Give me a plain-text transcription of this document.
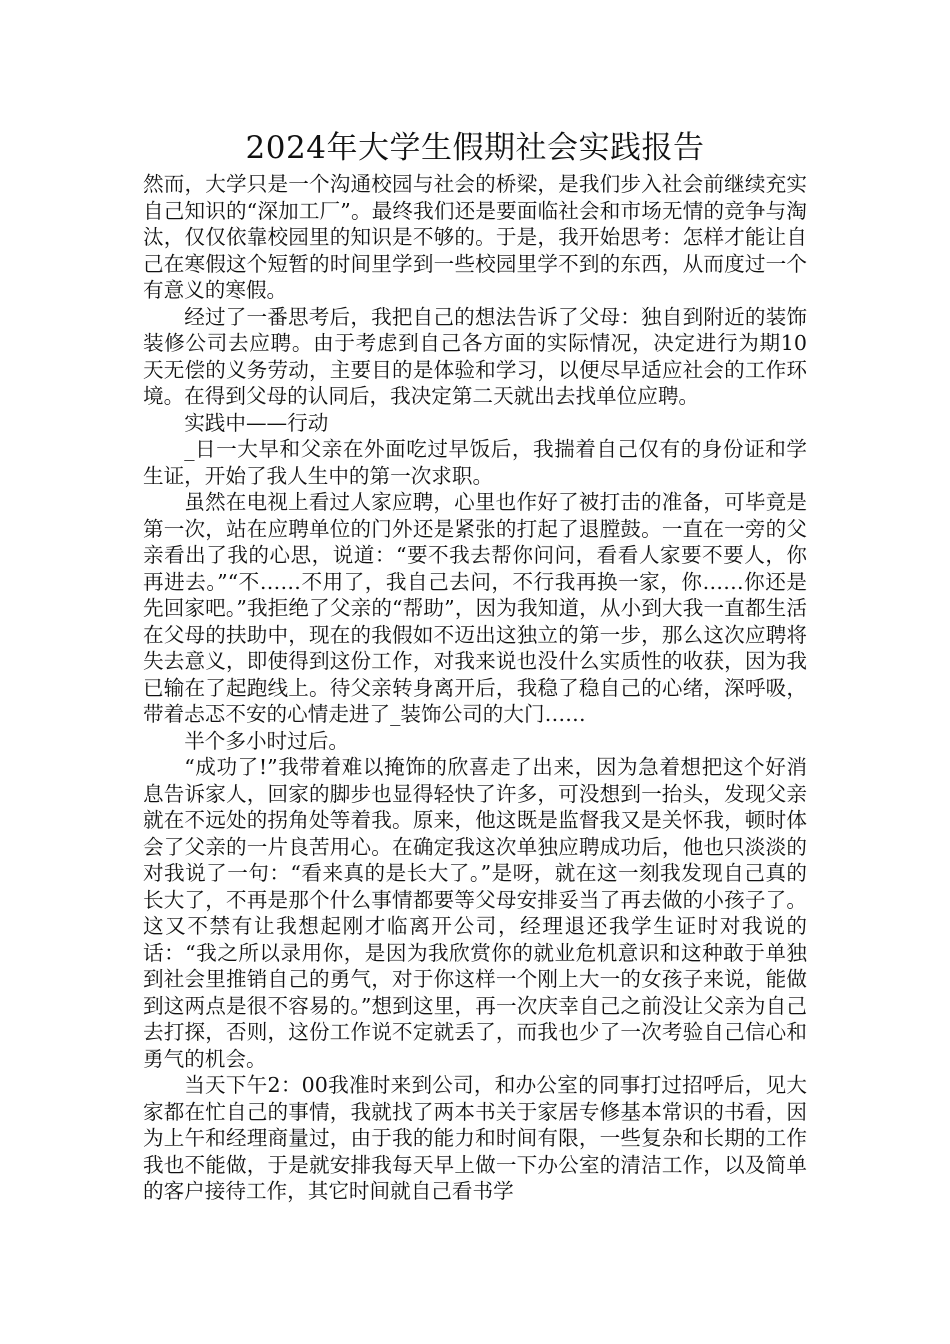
2024年大学生假期社会实践报告

然而，大学只是一个沟通校园与社会的桥梁，是我们步入社会前继续充实自己知识的“深加工厂”。最终我们还是要面临社会和市场无情的竞争与淘汰，仅仅依靠校园里的知识是不够的。于是，我开始思考：怎样才能让自己在寒假这个短暂的时间里学到一些校园里学不到的东西，从而度过一个有意义的寒假。

经过了一番思考后，我把自己的想法告诉了父母：独自到附近的装饰装修公司去应聘。由于考虑到自己各方面的实际情况，决定进行为期10天无偿的义务劳动，主要目的是体验和学习，以便尽早适应社会的工作环境。在得到父母的认同后，我决定第二天就出去找单位应聘。

实践中——行动

_日一大早和父亲在外面吃过早饭后，我揣着自己仅有的身份证和学生证，开始了我人生中的第一次求职。

虽然在电视上看过人家应聘，心里也作好了被打击的准备，可毕竟是第一次，站在应聘单位的门外还是紧张的打起了退膛鼓。一直在一旁的父亲看出了我的心思，说道：“要不我去帮你问问，看看人家要不要人，你再进去。”“不……不用了，我自己去问，不行我再换一家，你……你还是先回家吧。”我拒绝了父亲的“帮助”，因为我知道，从小到大我一直都生活在父母的扶助中，现在的我假如不迈出这独立的第一步，那么这次应聘将失去意义，即使得到这份工作，对我来说也没什么实质性的收获，因为我已输在了起跑线上。待父亲转身离开后，我稳了稳自己的心绪，深呼吸，带着忐忑不安的心情走进了_装饰公司的大门……

半个多小时过后。

“成功了!”我带着难以掩饰的欣喜走了出来，因为急着想把这个好消息告诉家人，回家的脚步也显得轻快了许多，可没想到一抬头，发现父亲就在不远处的拐角处等着我。原来，他这既是监督我又是关怀我，顿时体会了父亲的一片良苦用心。在确定我这次单独应聘成功后，他也只淡淡的对我说了一句：“看来真的是长大了。”是呀，就在这一刻我发现自己真的长大了，不再是那个什么事情都要等父母安排妥当了再去做的小孩子了。这又不禁有让我想起刚才临离开公司，经理退还我学生证时对我说的话：“我之所以录用你，是因为我欣赏你的就业危机意识和这种敢于单独到社会里推销自己的勇气，对于你这样一个刚上大一的女孩子来说，能做到这两点是很不容易的。”想到这里，再一次庆幸自己之前没让父亲为自己去打探，否则，这份工作说不定就丢了，而我也少了一次考验自己信心和勇气的机会。

当天下午2：00我准时来到公司，和办公室的同事打过招呼后，见大家都在忙自己的事情，我就找了两本书关于家居专修基本常识的书看，因为上午和经理商量过，由于我的能力和时间有限，一些复杂和长期的工作我也不能做，于是就安排我每天早上做一下办公室的清洁工作，以及简单的客户接待工作，其它时间就自己看书学
